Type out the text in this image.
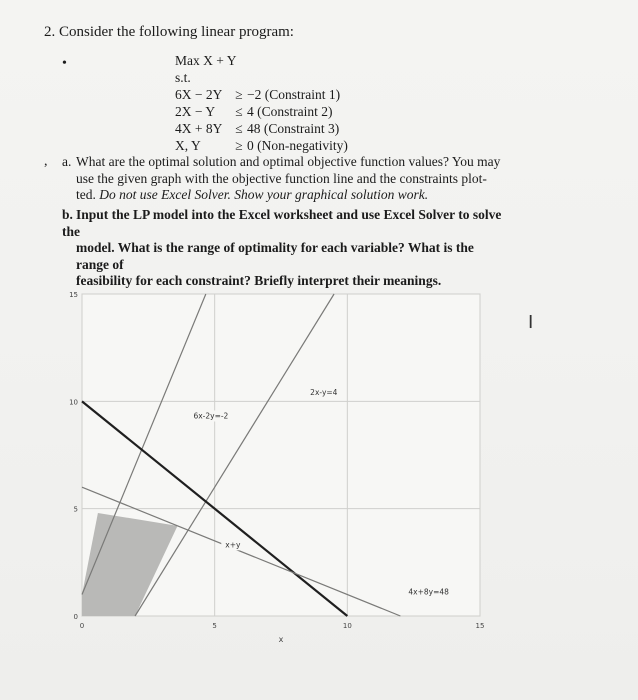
2. Consider the following linear program:
•	Max X + Y
s.t.
6X − 2Y ≥ −2 (Constraint 1)
2X − Y	≤ 4 (Constraint 2)
4X + 8Y ≤ 48 (Constraint 3)
X, Y	≥ 0 (Non-negativity)
, a. What are the optimal solution and optimal objective function values? You may
use the given graph with the objective function line and the constraints plot-
ted. Do not use Excel Solver. Show your graphical solution work.
b. Input the LP model into the Excel worksheet and use Excel Solver to solve the
model. What is the range of optimality for each variable? What is the range of
feasibility for each constraint? Briefly interpret their meanings.
0	5	10	15
0
5
10
15
x
6x-2y=-2
2x-y=4
x+y
4x+8y=48
Ι
